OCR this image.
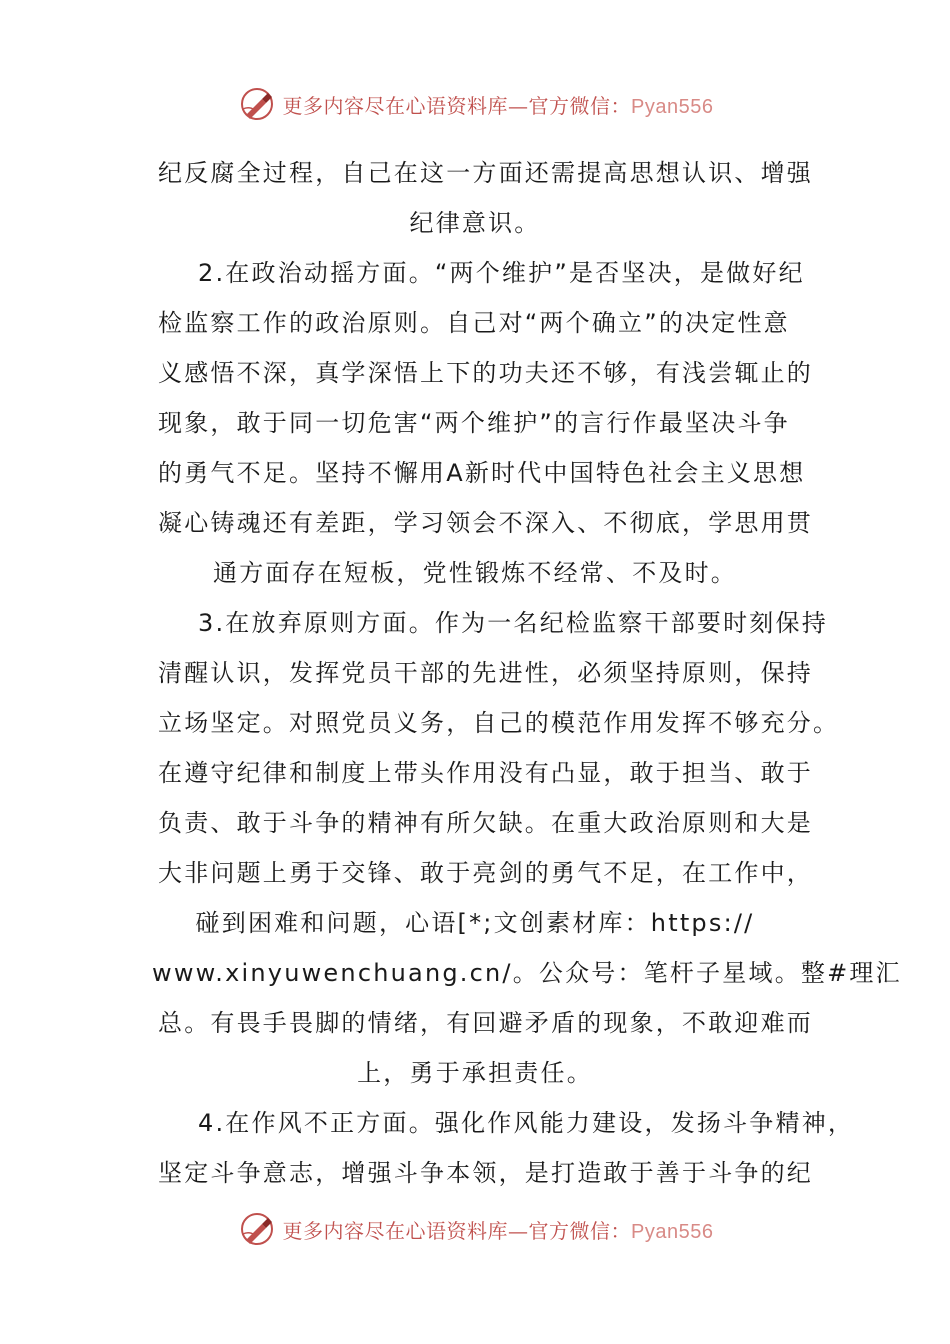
更多内容尽在心语资料库—官方微信：Pyan556
纪反腐全过程，自己在这一方面还需提高思想认识、增强
纪律意识。
2.在政治动摇方面。“两个维护”是否坚决，是做好纪
检监察工作的政治原则。自己对“两个确立”的决定性意
义感悟不深，真学深悟上下的功夫还不够，有浅尝辄止的
现象，敢于同一切危害“两个维护”的言行作最坚决斗争
的勇气不足。坚持不懈用A新时代中国特色社会主义思想
凝心铸魂还有差距，学习领会不深入、不彻底，学思用贯
通方面存在短板，党性锻炼不经常、不及时。
3.在放弃原则方面。作为一名纪检监察干部要时刻保持
清醒认识，发挥党员干部的先进性，必须坚持原则，保持
立场坚定。对照党员义务，自己的模范作用发挥不够充分。
在遵守纪律和制度上带头作用没有凸显，敢于担当、敢于
负责、敢于斗争的精神有所欠缺。在重大政治原则和大是
大非问题上勇于交锋、敢于亮剑的勇气不足，在工作中，
碰到困难和问题，心语[*;文创素材库：https://
www.xinyuwenchuang.cn/。公众号：笔杆子星域。整#理汇
总。有畏手畏脚的情绪，有回避矛盾的现象，不敢迎难而
上，勇于承担责任。
4.在作风不正方面。强化作风能力建设，发扬斗争精神，
坚定斗争意志，增强斗争本领，是打造敢于善于斗争的纪
更多内容尽在心语资料库—官方微信：Pyan556
